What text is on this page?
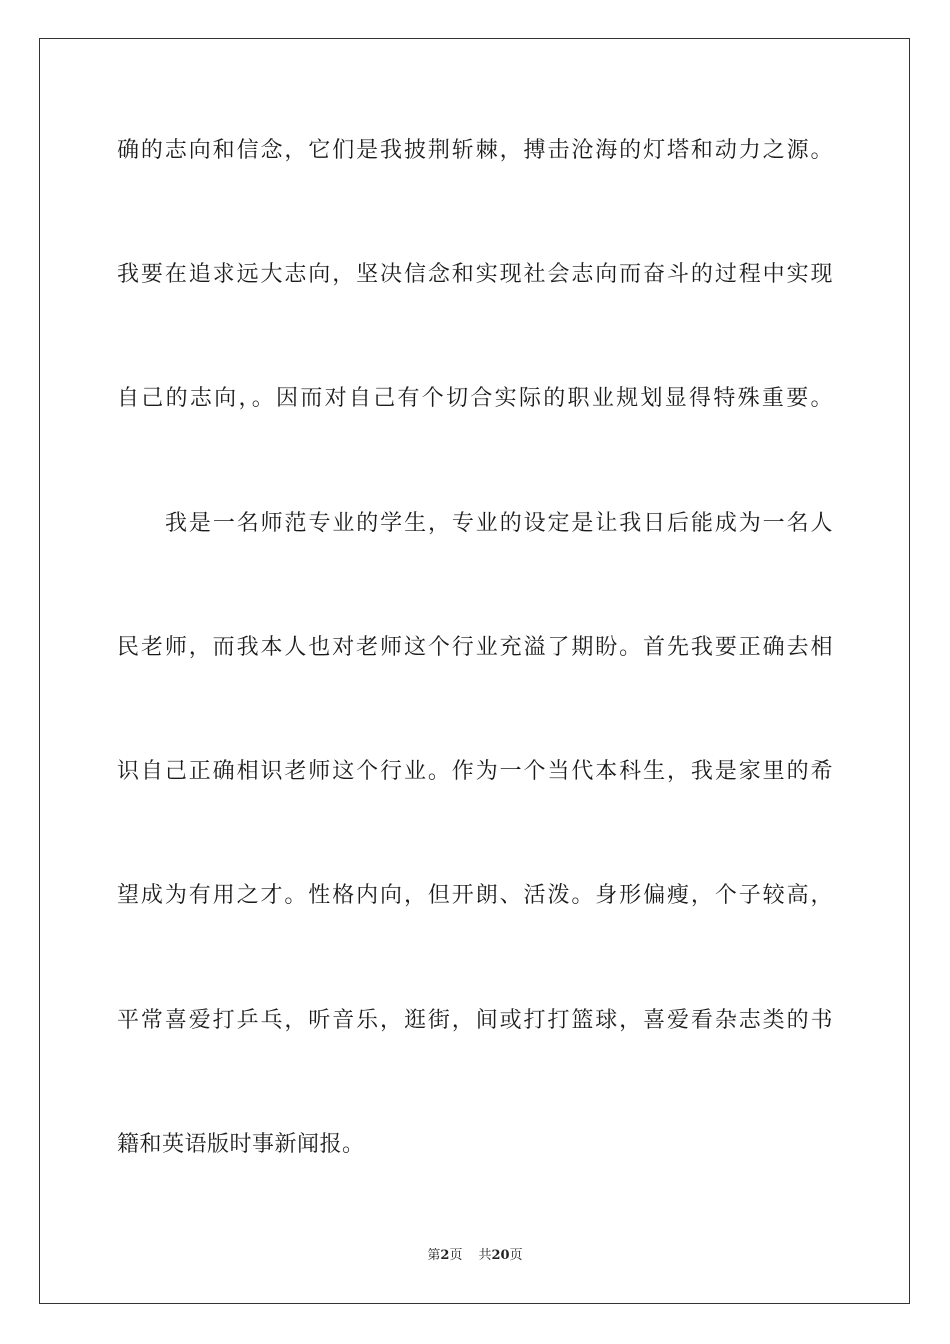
确的志向和信念，它们是我披荆斩棘，搏击沧海的灯塔和动力之源。
我要在追求远大志向，坚决信念和实现社会志向而奋斗的过程中实现
自己的志向，。因而对自己有个切合实际的职业规划显得特殊重要。
我是一名师范专业的学生，专业的设定是让我日后能成为一名人
民老师，而我本人也对老师这个行业充溢了期盼。首先我要正确去相
识自己正确相识老师这个行业。作为一个当代本科生，我是家里的希
望成为有用之才。性格内向，但开朗、活泼。身形偏瘦，个子较高，
平常喜爱打乒乓，听音乐，逛街，间或打打篮球，喜爱看杂志类的书
籍和英语版时事新闻报。
第2页 共20页
